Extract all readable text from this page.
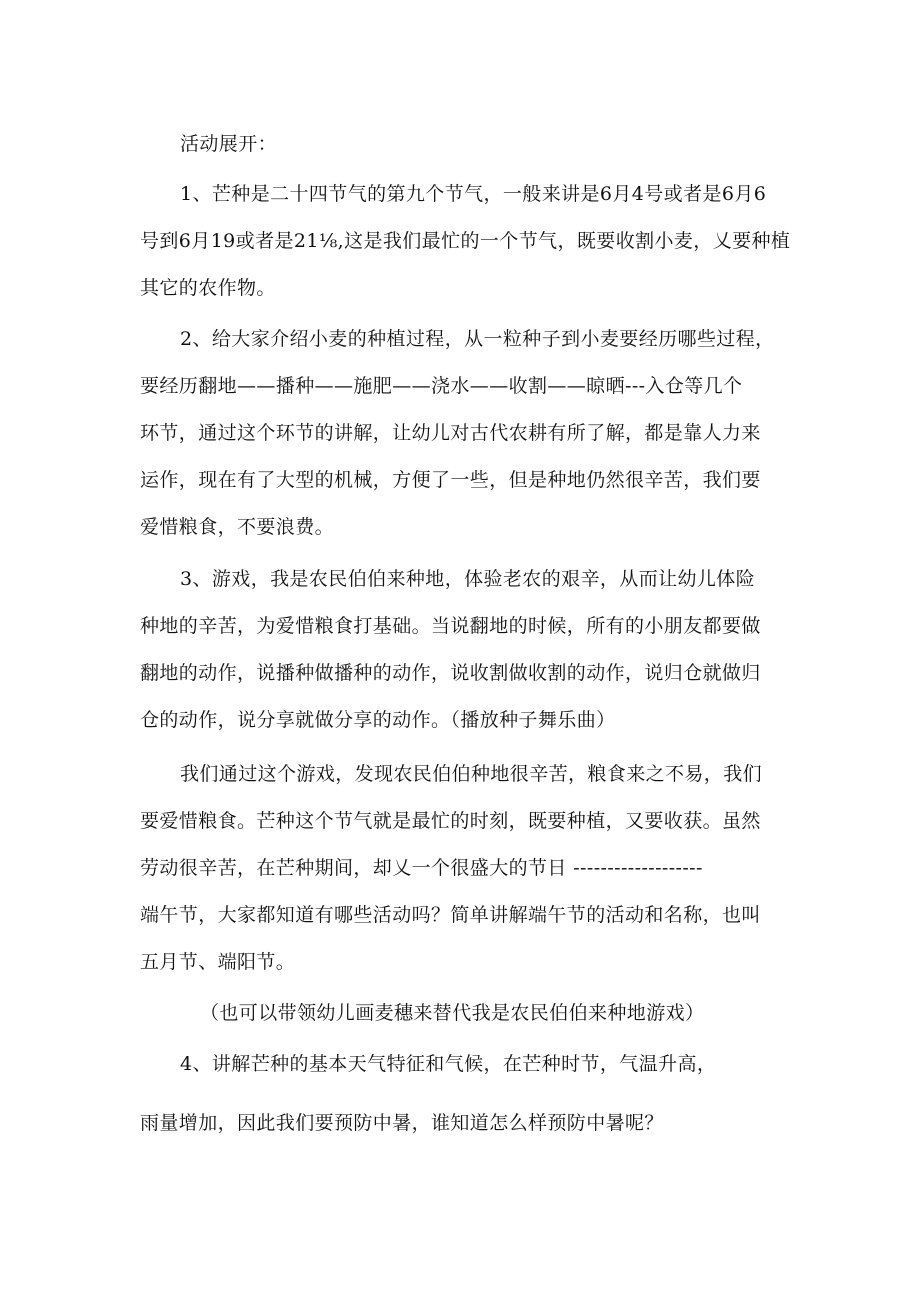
活动展开：
1、芒种是二十四节气的第九个节气，一般来讲是6月4号或者是6月6
号到6月19或者是21⅛,这是我们最忙的一个节气，既要收割小麦，乂要种植
其它的农作物。
2、给大家介绍小麦的种植过程，从一粒种子到小麦要经历哪些过程，
要经历翻地——播种——施肥——浇水——收割——晾晒---入仓等几个
环节，通过这个环节的讲解，让幼儿对古代农耕有所了解，都是靠人力来
运作，现在有了大型的机械，方便了一些，但是种地仍然很辛苦，我们要
爱惜粮食，不要浪费。
3、游戏，我是农民伯伯来种地，体验老农的艰辛，从而让幼儿体险
种地的辛苦，为爱惜粮食打基础。当说翻地的时候，所有的小朋友都要做
翻地的动作，说播种做播种的动作，说收割做收割的动作，说归仓就做归
仓的动作，说分享就做分享的动作。（播放种子舞乐曲）
我们通过这个游戏，发现农民伯伯种地很辛苦，粮食来之不易，我们
要爱惜粮食。芒种这个节气就是最忙的时刻，既要种植，又要收获。虽然
劳动很辛苦，在芒种期间，却乂一个很盛大的节日 -------------------
端午节，大家都知道有哪些活动吗？简单讲解端午节的活动和名称，也叫
五月节、端阳节。
（也可以带领幼儿画麦穗来替代我是农民伯伯来种地游戏）
4、讲解芒种的基本天气特征和气候，在芒种时节，气温升高，
雨量增加，因此我们要预防中暑，谁知道怎么样预防中暑呢？
